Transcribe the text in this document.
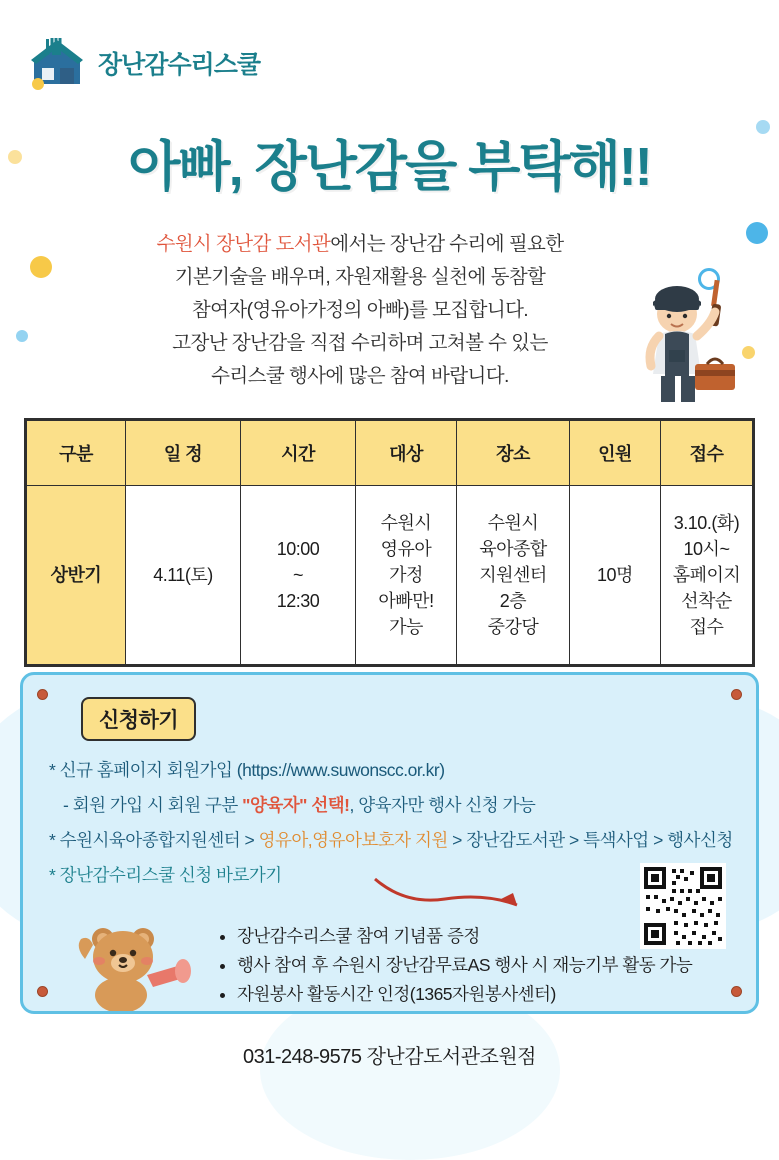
장난감수리스쿨
아빠, 장난감을 부탁해!!
수원시 장난감 도서관에서는 장난감 수리에 필요한
기본기술을 배우며, 자원재활용 실천에 동참할
참여자(영유아가정의 아빠)를 모집합니다.
고장난 장난감을 직접 수리하며 고쳐볼 수 있는
수리스쿨 행사에 많은 참여 바랍니다.
구분	일 정	시간	대상	장소	인원	접수
상반기	4.11(토)	10:00
~
12:30	수원시
영유아
가정
아빠만!
가능	수원시
육아종합
지원센터
2층
중강당	10명	3.10.(화)
10시~
홈페이지
선착순
접수
신청하기
* 신규 홈페이지 회원가입 (https://www.suwonscc.or.kr)
- 회원 가입 시 회원 구분 "양육자" 선택!, 양육자만 행사 신청 가능
* 수원시육아종합지원센터 > 영유아,영유아보호자 지원 > 장난감도서관 > 특색사업 > 행사신청
* 장난감수리스쿨 신청 바로가기
• 장난감수리스쿨 참여 기념품 증정
• 행사 참여 후 수원시 장난감무료AS 행사 시 재능기부 활동 가능
• 자원봉사 활동시간 인정(1365자원봉사센터)
031-248-9575 장난감도서관조원점
